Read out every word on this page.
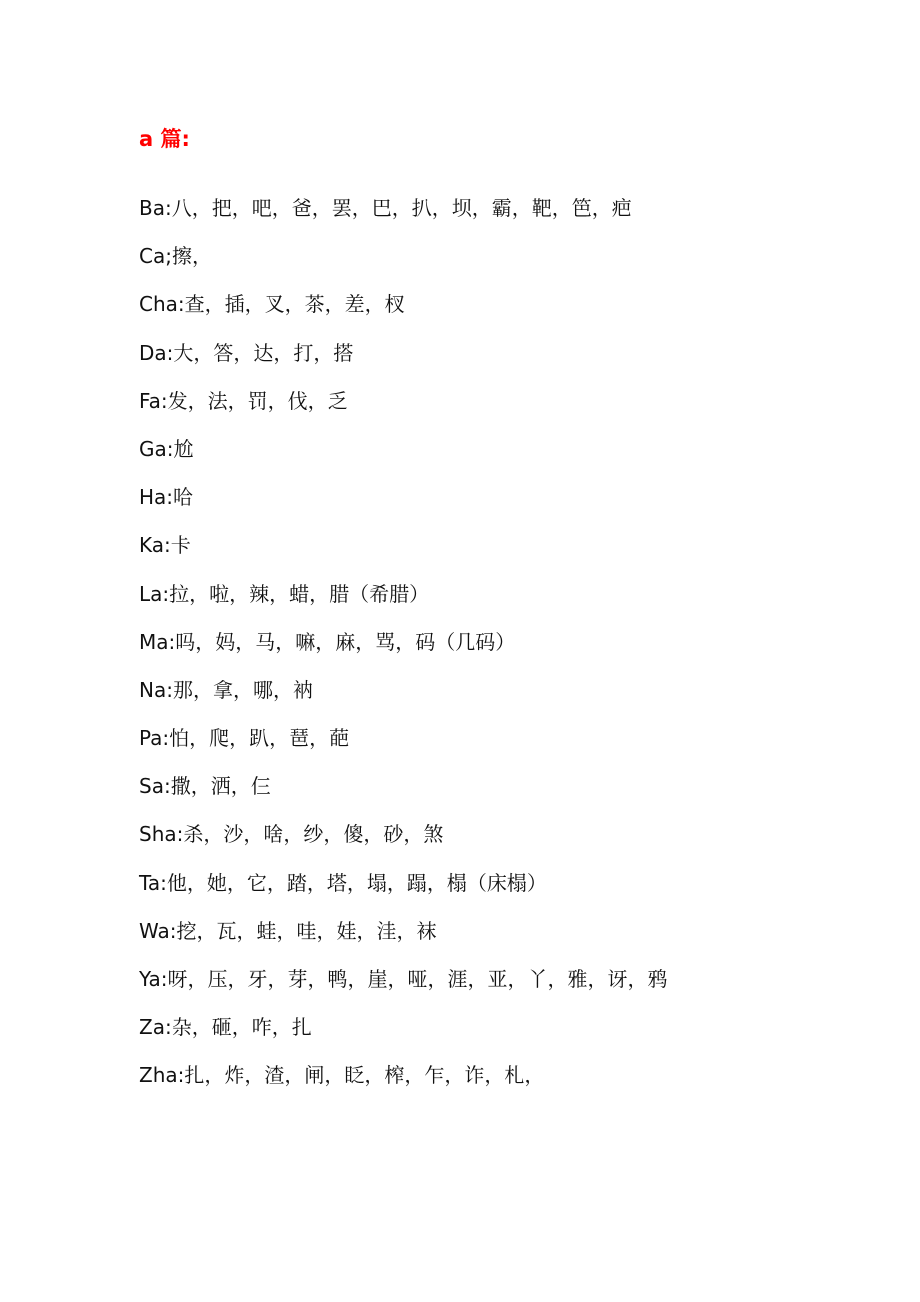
a 篇:
Ba:八，把，吧，爸，罢，巴，扒，坝，霸，靶，笆，疤
Ca;擦，
Cha:查，插，叉，茶，差，杈
Da:大，答，达，打，搭
Fa:发，法，罚，伐，乏
Ga:尬
Ha:哈
Ka:卡
La:拉，啦，辣，蜡，腊（希腊）
Ma:吗，妈，马，嘛，麻，骂，码（几码）
Na:那，拿，哪，衲
Pa:怕，爬，趴，琶，葩
Sa:撒，洒，仨
Sha:杀，沙，啥，纱，傻，砂，煞
Ta:他，她，它，踏，塔，塌，蹋，榻（床榻）
Wa:挖，瓦，蛙，哇，娃，洼，袜
Ya:呀，压，牙，芽，鸭，崖，哑，涯，亚，丫，雅，讶，鸦
Za:杂，砸，咋，扎
Zha:扎，炸，渣，闸，眨，榨，乍，诈，札，
